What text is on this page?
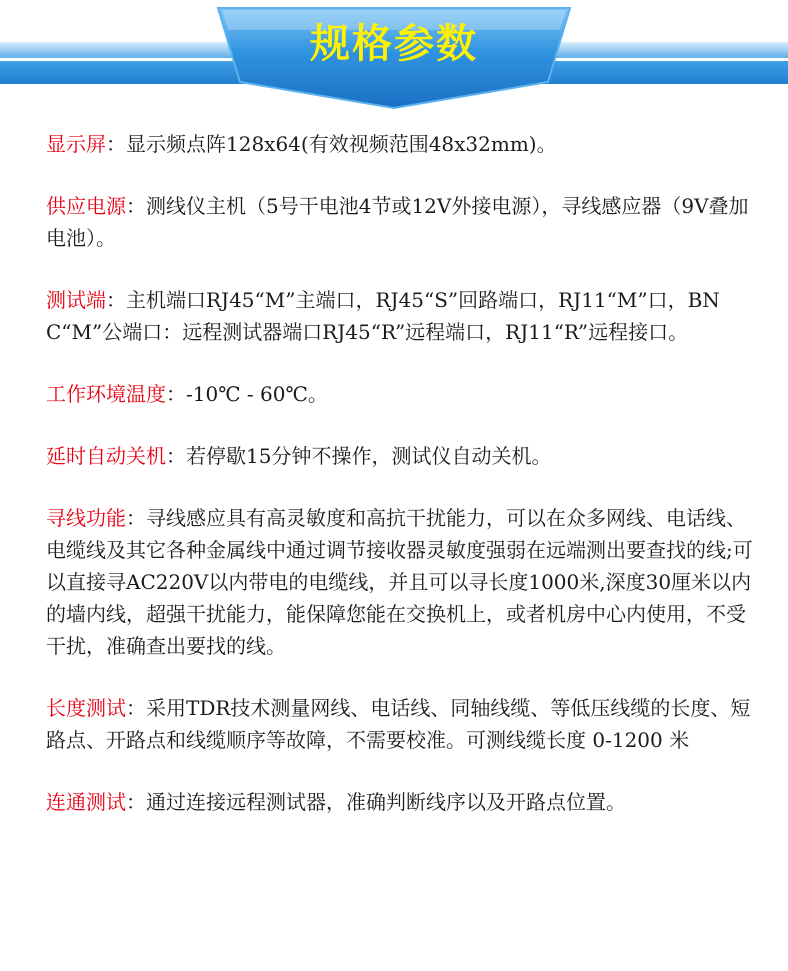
规格参数

显示屏：显示频点阵128x64(有效视频范围48x32mm)。

供应电源：测线仪主机（5号干电池4节或12V外接电源），寻线感应器（9V叠加电池）。

测试端：主机端口RJ45“M”主端口，RJ45“S”回路端口，RJ11“M”口，BNC“M”公端口：远程测试器端口RJ45“R”远程端口，RJ11“R”远程接口。

工作环境温度：-10℃ - 60℃。

延时自动关机：若停歇15分钟不操作，测试仪自动关机。

寻线功能：寻线感应具有高灵敏度和高抗干扰能力，可以在众多网线、电话线、电缆线及其它各种金属线中通过调节接收器灵敏度强弱在远端测出要查找的线;可以直接寻AC220V以内带电的电缆线，并且可以寻长度1000米,深度30厘米以内的墙内线，超强干扰能力，能保障您能在交换机上，或者机房中心内使用，不受干扰，准确查出要找的线。

长度测试：采用TDR技术测量网线、电话线、同轴线缆、等低压线缆的长度、短路点、开路点和线缆顺序等故障，不需要校准。可测线缆长度 0-1200 米

连通测试：通过连接远程测试器，准确判断线序以及开路点位置。
